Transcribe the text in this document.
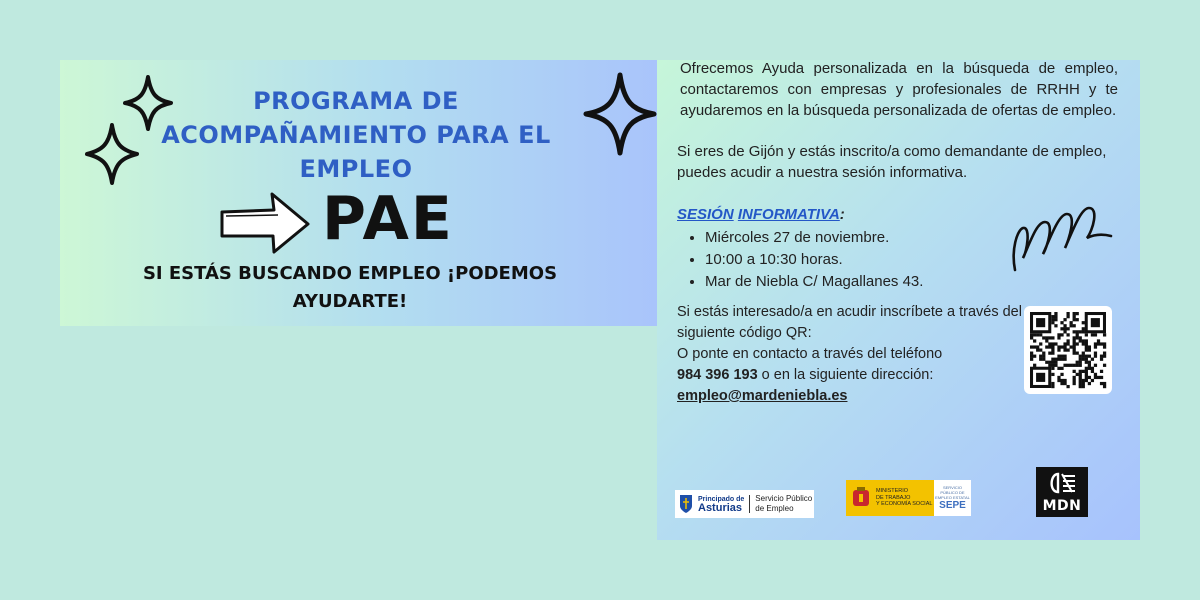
PROGRAMA DE
ACOMPAÑAMIENTO PARA EL
EMPLEO
PAE
SI ESTÁS BUSCANDO EMPLEO ¡PODEMOS
AYUDARTE!
Ofrecemos Ayuda personalizada en la búsqueda de empleo, contactaremos con empresas y profesionales de RRHH y te ayudaremos en la búsqueda personalizada de ofertas de empleo.
Si eres de Gijón y estás inscrito/a como demandante de empleo, puedes acudir a nuestra sesión informativa.
SESIÓN INFORMATIVA:
• Miércoles 27 de noviembre.
• 10:00 a 10:30 horas.
• Mar de Niebla C/ Magallanes 43.
Si estás interesado/a en acudir inscríbete a través del siguiente código QR:
O ponte en contacto a través del teléfono
984 396 193 o en la siguiente dirección:
empleo@mardeniebla.es
Principado de
Asturias
Servicio Público
de Empleo
MINISTERIO
DE TRABAJO
Y ECONOMÍA SOCIAL
SERVICIO PÚBLICO DE EMPLEO ESTATAL
SEPE	MDN
